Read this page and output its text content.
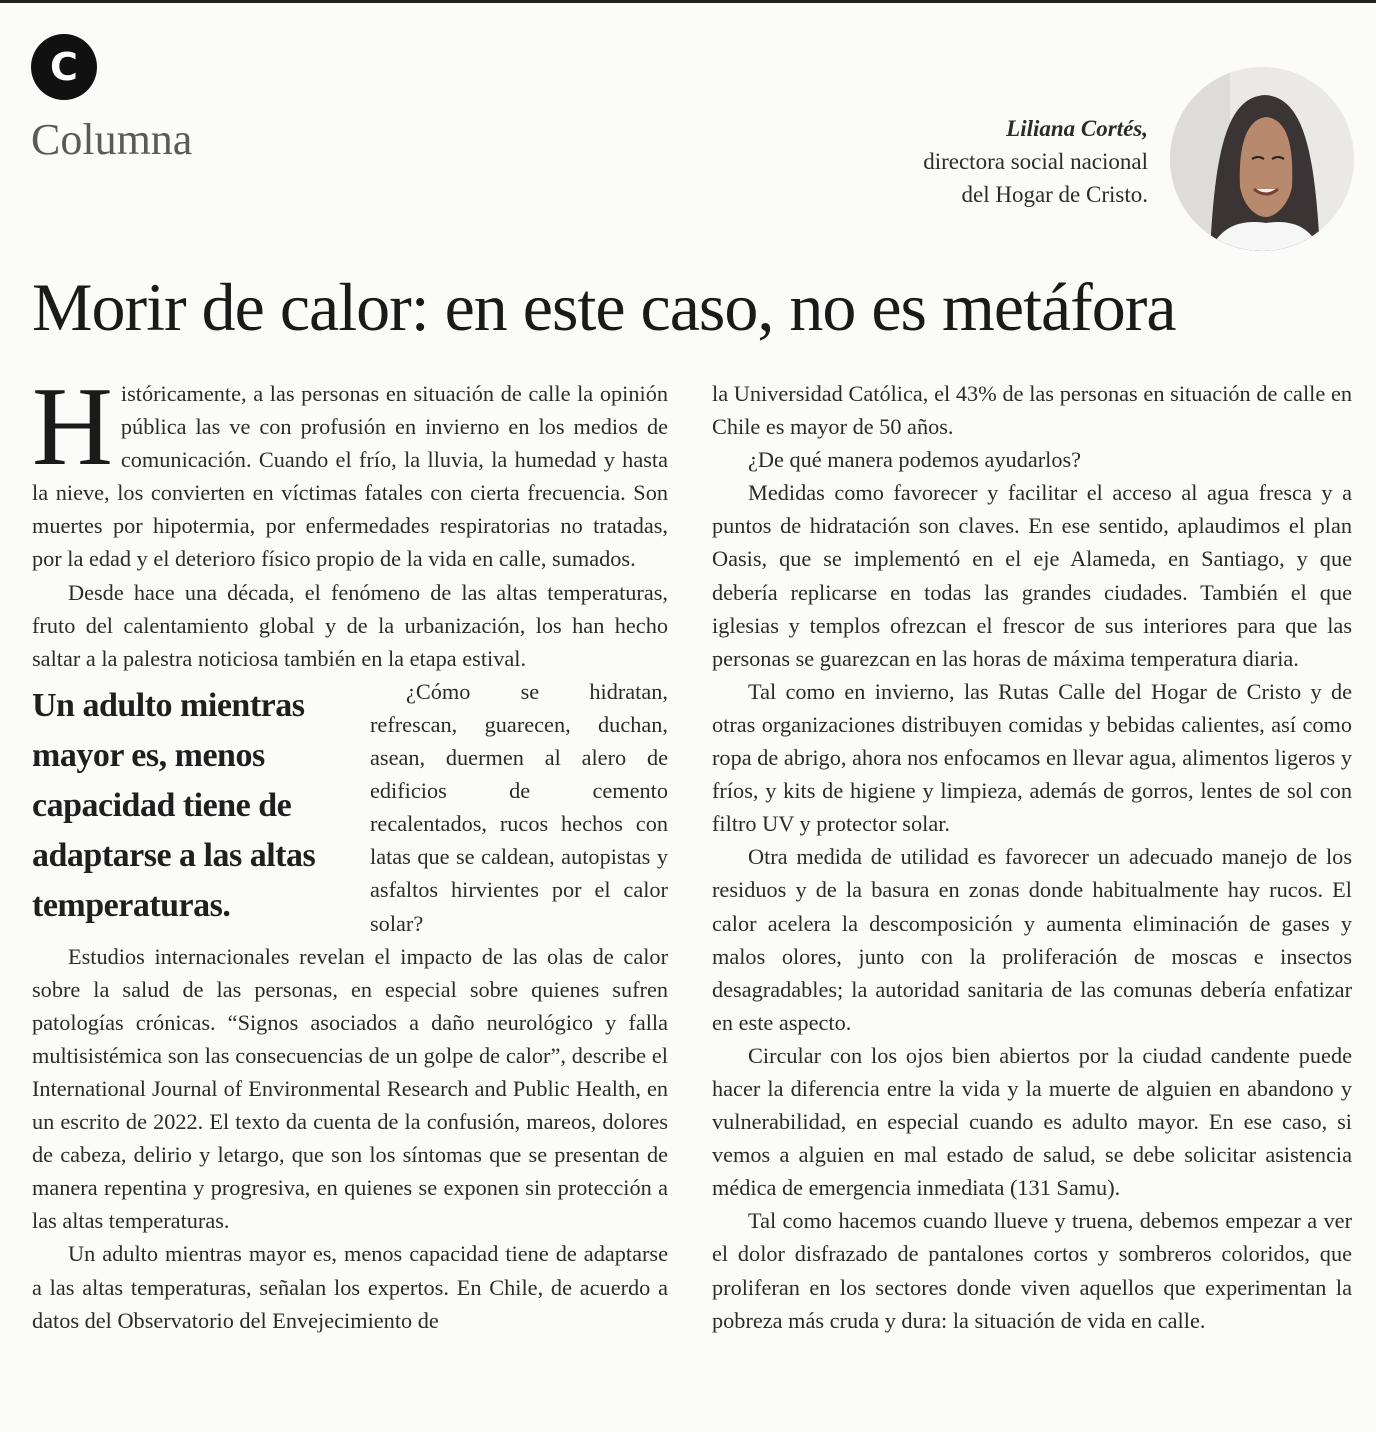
C
Columna	Liliana Cortés,
directora social nacional
del Hogar de Cristo.
Morir de calor: en este caso, no es metáfora

Históricamente, a las personas en situación de calle la opinión pública las ve con profusión en invierno en los medios de comunicación. Cuando el frío, la lluvia, la humedad y hasta la nieve, los convierten en víctimas fatales con cierta frecuencia. Son muertes por hipotermia, por enfermedades respiratorias no tratadas, por la edad y el deterioro físico propio de la vida en calle, sumados.

Desde hace una década, el fenómeno de las altas temperaturas, fruto del calentamiento global y de la urbanización, los han hecho saltar a la palestra noticiosa también en la etapa estival.

Un adulto mientras mayor es, menos capacidad tiene de adaptarse a las altas temperaturas.

¿Cómo se hidratan, refrescan, guarecen, duchan, asean, duermen al alero de edificios de cemento recalentados, rucos hechos con latas que se caldean, autopistas y asfaltos hirvientes por el calor solar?

Estudios internacionales revelan el impacto de las olas de calor sobre la salud de las personas, en especial sobre quienes sufren patologías crónicas. “Signos asociados a daño neurológico y falla multisistémica son las consecuencias de un golpe de calor”, describe el International Journal of Environmental Research and Public Health, en un escrito de 2022. El texto da cuenta de la confusión, mareos, dolores de cabeza, delirio y letargo, que son los síntomas que se presentan de manera repentina y progresiva, en quienes se exponen sin protección a las altas temperaturas.

Un adulto mientras mayor es, menos capacidad tiene de adaptarse a las altas temperaturas, señalan los expertos. En Chile, de acuerdo a datos del Observatorio del Envejecimiento de

la Universidad Católica, el 43% de las personas en situación de calle en Chile es mayor de 50 años.

¿De qué manera podemos ayudarlos?

Medidas como favorecer y facilitar el acceso al agua fresca y a puntos de hidratación son claves. En ese sentido, aplaudimos el plan Oasis, que se implementó en el eje Alameda, en Santiago, y que debería replicarse en todas las grandes ciudades. También el que iglesias y templos ofrezcan el frescor de sus interiores para que las personas se guarezcan en las horas de máxima temperatura diaria.

Tal como en invierno, las Rutas Calle del Hogar de Cristo y de otras organizaciones distribuyen comidas y bebidas calientes, así como ropa de abrigo, ahora nos enfocamos en llevar agua, alimentos ligeros y fríos, y kits de higiene y limpieza, además de gorros, lentes de sol con filtro UV y protector solar.

Otra medida de utilidad es favorecer un adecuado manejo de los residuos y de la basura en zonas donde habitualmente hay rucos. El calor acelera la descomposición y aumenta eliminación de gases y malos olores, junto con la proliferación de moscas e insectos desagradables; la autoridad sanitaria de las comunas debería enfatizar en este aspecto.

Circular con los ojos bien abiertos por la ciudad candente puede hacer la diferencia entre la vida y la muerte de alguien en abandono y vulnerabilidad, en especial cuando es adulto mayor. En ese caso, si vemos a alguien en mal estado de salud, se debe solicitar asistencia médica de emergencia inmediata (131 Samu).

Tal como hacemos cuando llueve y truena, debemos empezar a ver el dolor disfrazado de pantalones cortos y sombreros coloridos, que proliferan en los sectores donde viven aquellos que experimentan la pobreza más cruda y dura: la situación de vida en calle.
